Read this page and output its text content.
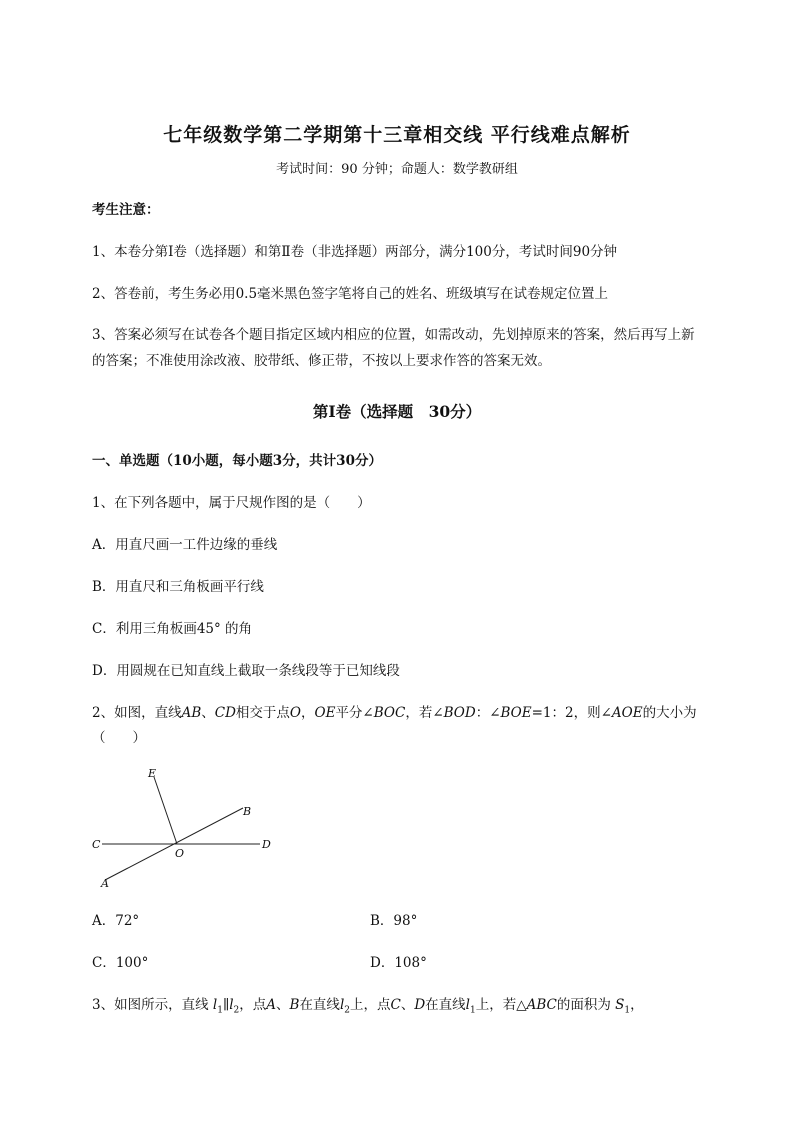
七年级数学第二学期第十三章相交线 平行线难点解析
考试时间：90 分钟；命题人：数学教研组
考生注意：
1、本卷分第Ⅰ卷（选择题）和第Ⅱ卷（非选择题）两部分，满分100分，考试时间90分钟
2、答卷前，考生务必用0.5毫米黑色签字笔将自己的姓名、班级填写在试卷规定位置上
3、答案必须写在试卷各个题目指定区域内相应的位置，如需改动，先划掉原来的答案，然后再写上新
的答案；不准使用涂改液、胶带纸、修正带，不按以上要求作答的答案无效。
第Ⅰ卷（选择题　30分）
一、单选题（10小题，每小题3分，共计30分）
1、在下列各题中，属于尺规作图的是（　　）
A．用直尺画一工件边缘的垂线
B．用直尺和三角板画平行线
C．利用三角板画45° 的角
D．用圆规在已知直线上截取一条线段等于已知线段
2、如图，直线AB、CD相交于点O，OE平分∠BOC，若∠BOD：∠BOE=1：2，则∠AOE的大小为
（　　）
E
B
C
O
D
A
A．72°	B．98°
C．100°	D．108°
3、如图所示，直线 $l_1\parallel l_2$，点A、B在直线$l_2$上，点C、D在直线$l_1$上，若△ABC的面积为 $S_1$，
